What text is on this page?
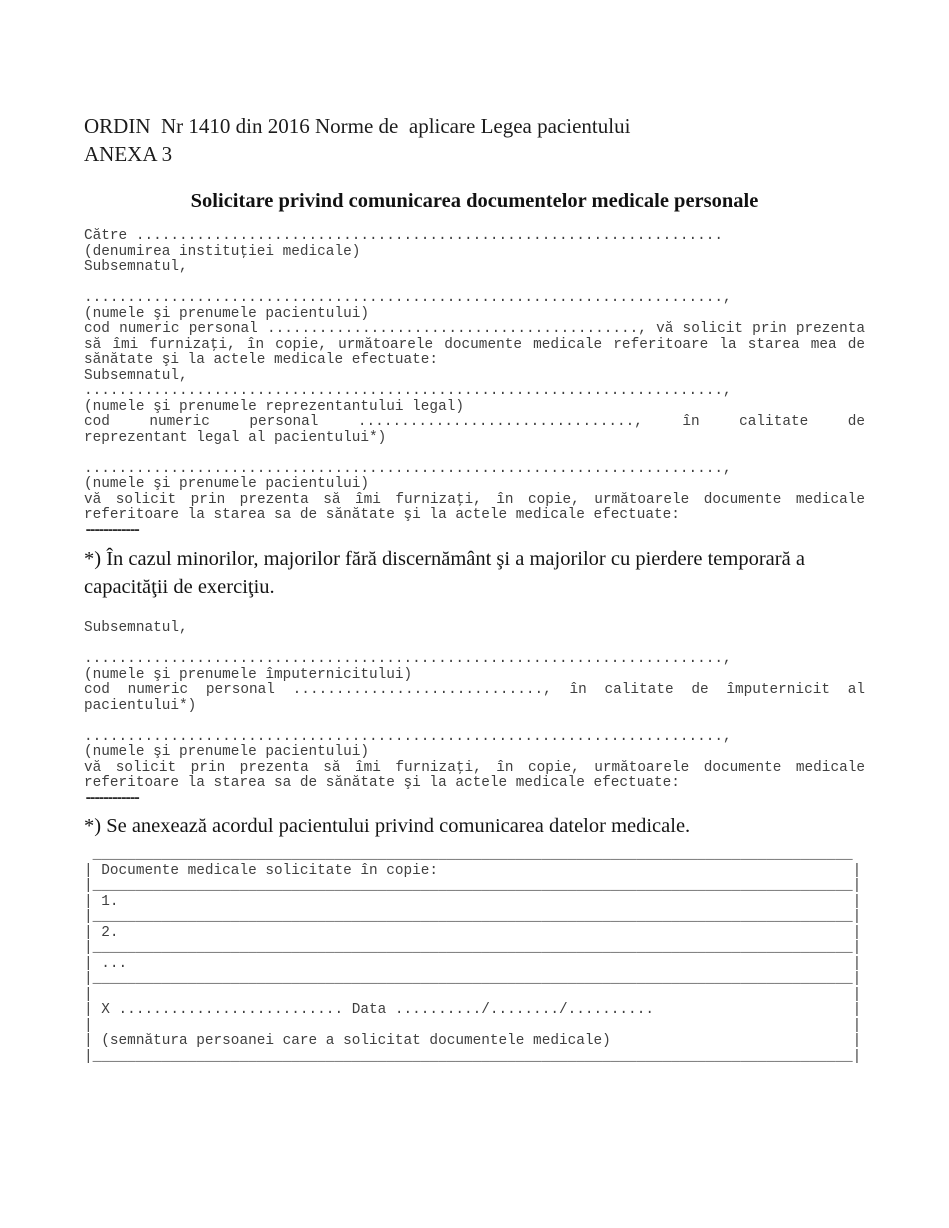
ORDIN  Nr 1410 din 2016 Norme de  aplicare Legea pacientului
ANEXA 3
Solicitare privind comunicarea documentelor medicale personale
Către ....................................................................
(denumirea instituţiei medicale)
Subsemnatul,
..........................................................................,
(numele şi prenumele pacientului)
cod numeric personal ..........................................., vă solicit prin prezenta
să îmi furnizaţi, în copie, următoarele documente medicale referitoare la starea mea de
sănătate şi la actele medicale efectuate:
Subsemnatul,
..........................................................................,
(numele şi prenumele reprezentantului legal)
cod numeric personal ................................, în calitate de
reprezentant legal al pacientului*)
..........................................................................,
(numele şi prenumele pacientului)
vă solicit prin prezenta să îmi furnizaţi, în copie, următoarele documente medicale
referitoare la starea sa de sănătate şi la actele medicale efectuate:
------------
*) În cazul minorilor, majorilor fără discernământ şi a majorilor cu pierdere temporară a
capacităţii de exerciţiu.
Subsemnatul,
..........................................................................,
(numele şi prenumele împuternicitului)
cod numeric personal ............................., în calitate de împuternicit al
pacientului*)
..........................................................................,
(numele şi prenumele pacientului)
vă solicit prin prezenta să îmi furnizaţi, în copie, următoarele documente medicale
referitoare la starea sa de sănătate şi la actele medicale efectuate:
------------
*) Se anexează acordul pacientului privind comunicarea datelor medicale.
________________________________________________________________________________________
| Documente medicale solicitate în copie:                                                |
|________________________________________________________________________________________|
| 1.                                                                                     |
|________________________________________________________________________________________|
| 2.                                                                                     |
|________________________________________________________________________________________|
| ...                                                                                    |
|________________________________________________________________________________________|
|                                                                                        |
| X .......................... Data ........../......../..........                       |
|                                                                                        |
| (semnătura persoanei care a solicitat documentele medicale)                            |
|________________________________________________________________________________________|
